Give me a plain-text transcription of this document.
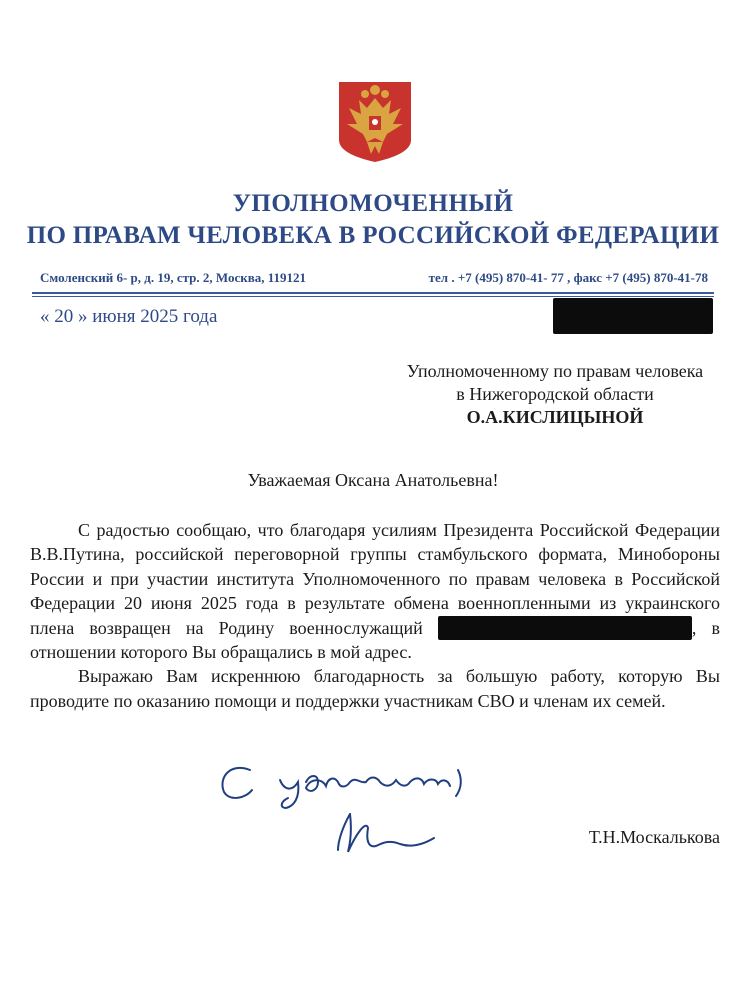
УПОЛНОМОЧЕННЫЙ
ПО ПРАВАМ ЧЕЛОВЕКА В РОССИЙСКОЙ ФЕДЕРАЦИИ
Смоленский 6- р, д. 19, стр. 2, Москва, 119121	тел . +7 (495) 870-41- 77 , факс +7 (495) 870-41-78
« 20 » июня 2025 года
Уполномоченному по правам человека
в Нижегородской области
О.А.КИСЛИЦЫНОЙ
Уважаемая Оксана Анатольевна!

С радостью сообщаю, что благодаря усилиям Президента Российской Федерации В.В.Путина, российской переговорной группы стамбульского формата, Минобороны России и при участии института Уполномоченного по правам человека в Российской Федерации 20 июня 2025 года в результате обмена военнопленными из украинского плена возвращен на Родину военнослужащий	, в отношении которого Вы обращались в мой адрес.

Выражаю Вам искреннюю благодарность за большую работу, которую Вы проводите по оказанию помощи и поддержки участникам СВО и членам их семей.

Т.Н.Москалькова
